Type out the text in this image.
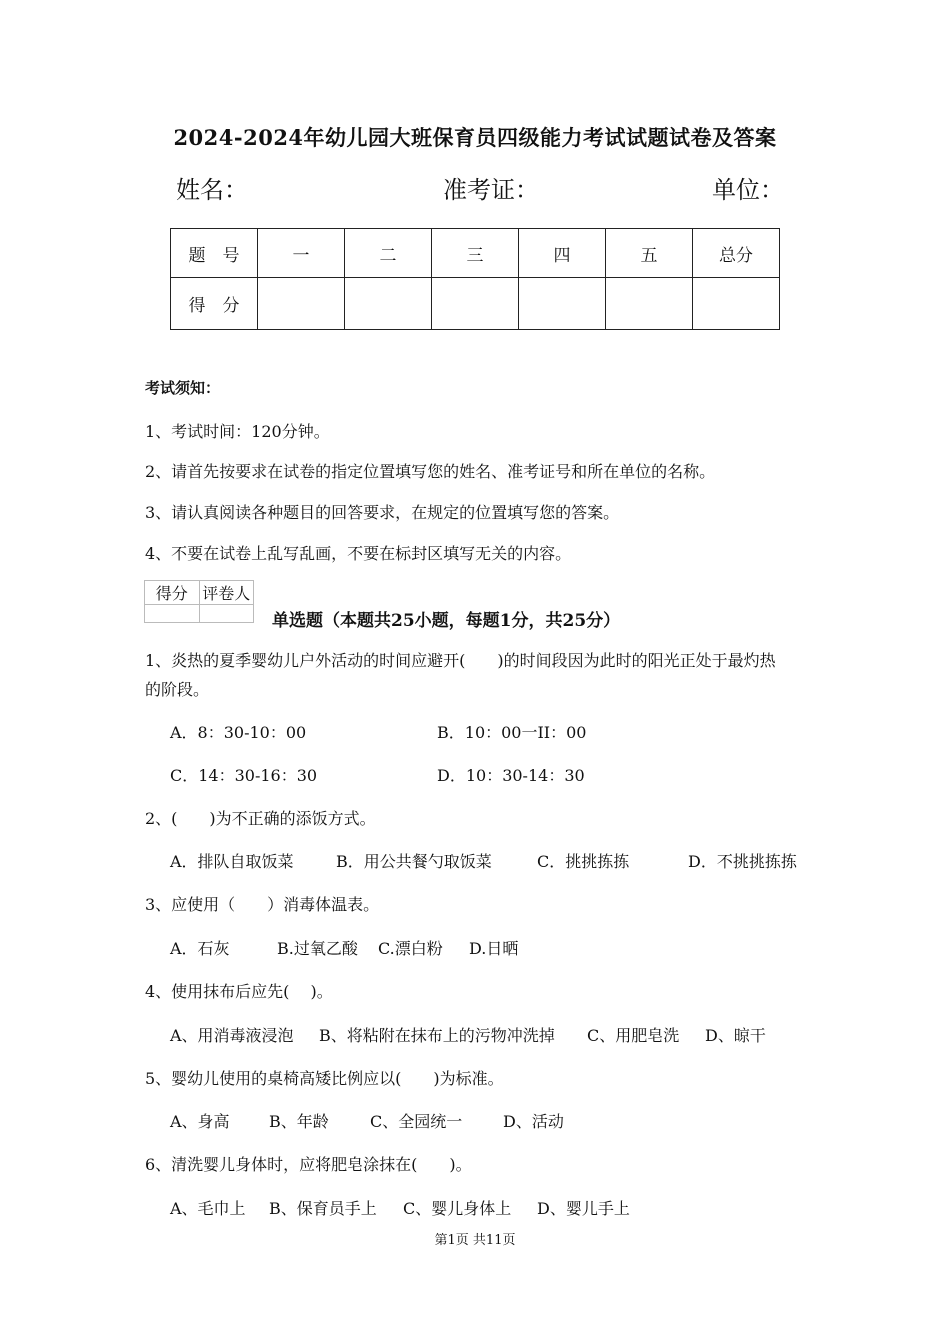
2024-2024年幼儿园大班保育员四级能力考试试题试卷及答案
姓名：	准考证：	单位：
题　号	一	二	三	四	五	总分
得　分						
考试须知：
1、考试时间：120分钟。
2、请首先按要求在试卷的指定位置填写您的姓名、准考证号和所在单位的名称。
3、请认真阅读各种题目的回答要求，在规定的位置填写您的答案。
4、不要在试卷上乱写乱画，不要在标封区填写无关的内容。
得分	评卷人

单选题（本题共25小题，每题1分，共25分）
1、炎热的夏季婴幼儿户外活动的时间应避开(　　)的时间段因为此时的阳光正处于最灼热
的阶段。
A．8：30-10：00	B．10：00一II：00
C．14：30-16：30	D．10：30-14：30
2、(　　)为不正确的添饭方式。
A．排队自取饭菜	B．用公共餐勺取饭菜	C．挑挑拣拣	D．不挑挑拣拣
3、应使用（　　）消毒体温表。
A．石灰	B.过氧乙酸 C.漂白粉 D.日晒
4、使用抹布后应先(　 )。
A、用消毒液浸泡 B、将粘附在抹布上的污物冲洗掉 C、用肥皂洗 D、晾干
5、婴幼儿使用的桌椅高矮比例应以(　　)为标准。
A、身高 B、年龄	C、全园统一	D、活动
6、清洗婴儿身体时，应将肥皂涂抹在(　　)。
A、毛巾上 B、保育员手上 C、婴儿身体上 D、婴儿手上
第1页 共11页
